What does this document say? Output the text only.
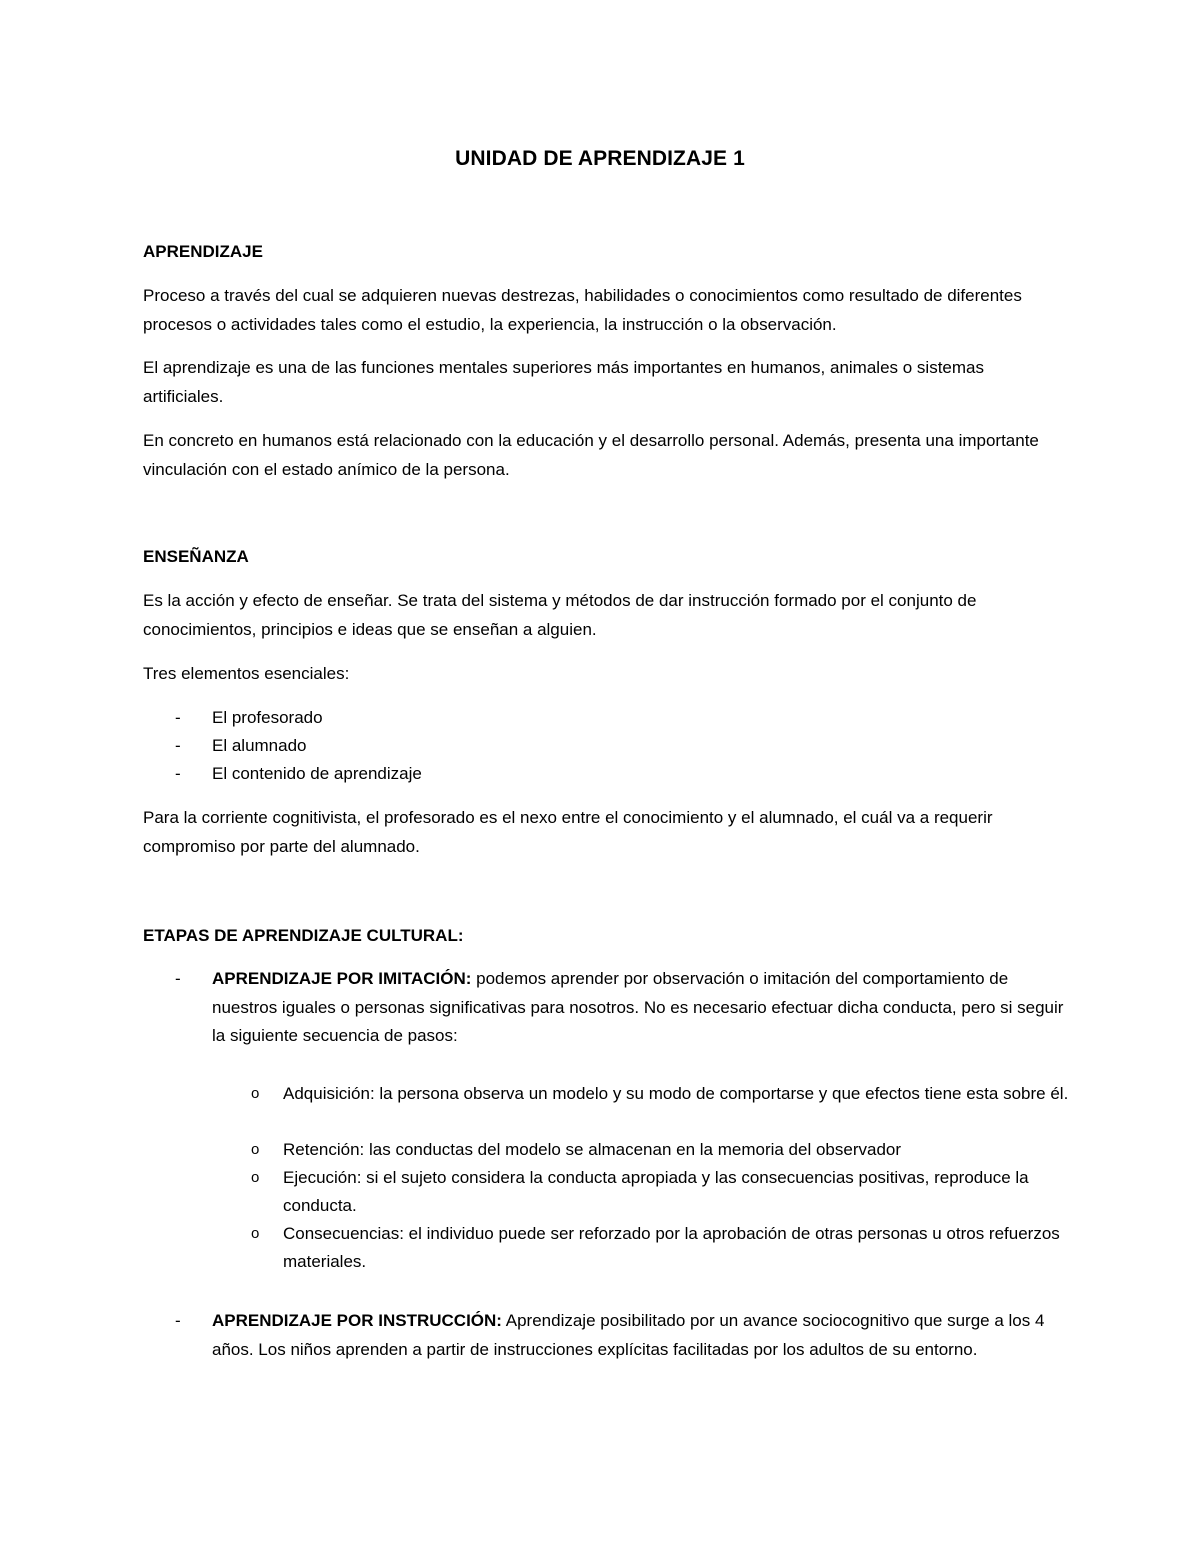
UNIDAD DE APRENDIZAJE 1
APRENDIZAJE

Proceso a través del cual se adquieren nuevas destrezas, habilidades o conocimientos como resultado de diferentes procesos o actividades tales como el estudio, la experiencia, la instrucción o la observación.

El aprendizaje es una de las funciones mentales superiores más importantes en humanos, animales o sistemas artificiales.

En concreto en humanos está relacionado con la educación y el desarrollo personal. Además, presenta una importante vinculación con el estado anímico de la persona.

ENSEÑANZA

Es la acción y efecto de enseñar. Se trata del sistema y métodos de dar instrucción formado por el conjunto de conocimientos, principios e ideas que se enseñan a alguien.

Tres elementos esenciales:

- El profesorado
- El alumnado
- El contenido de aprendizaje

Para la corriente cognitivista, el profesorado es el nexo entre el conocimiento y el alumnado, el cuál va a requerir compromiso por parte del alumnado.

ETAPAS DE APRENDIZAJE CULTURAL:
- APRENDIZAJE POR IMITACIÓN: podemos aprender por observación o imitación del comportamiento de nuestros iguales o personas significativas para nosotros. No es necesario efectuar dicha conducta, pero si seguir la siguiente secuencia de pasos:

o Adquisición: la persona observa un modelo y su modo de comportarse y que efectos tiene esta sobre él.

o Retención: las conductas del modelo se almacenan en la memoria del observador

o Ejecución: si el sujeto considera la conducta apropiada y las consecuencias positivas, reproduce la conducta.

o Consecuencias: el individuo puede ser reforzado por la aprobación de otras personas u otros refuerzos materiales.

- APRENDIZAJE POR INSTRUCCIÓN: Aprendizaje posibilitado por un avance sociocognitivo que surge a los 4 años. Los niños aprenden a partir de instrucciones explícitas facilitadas por los adultos de su entorno.
